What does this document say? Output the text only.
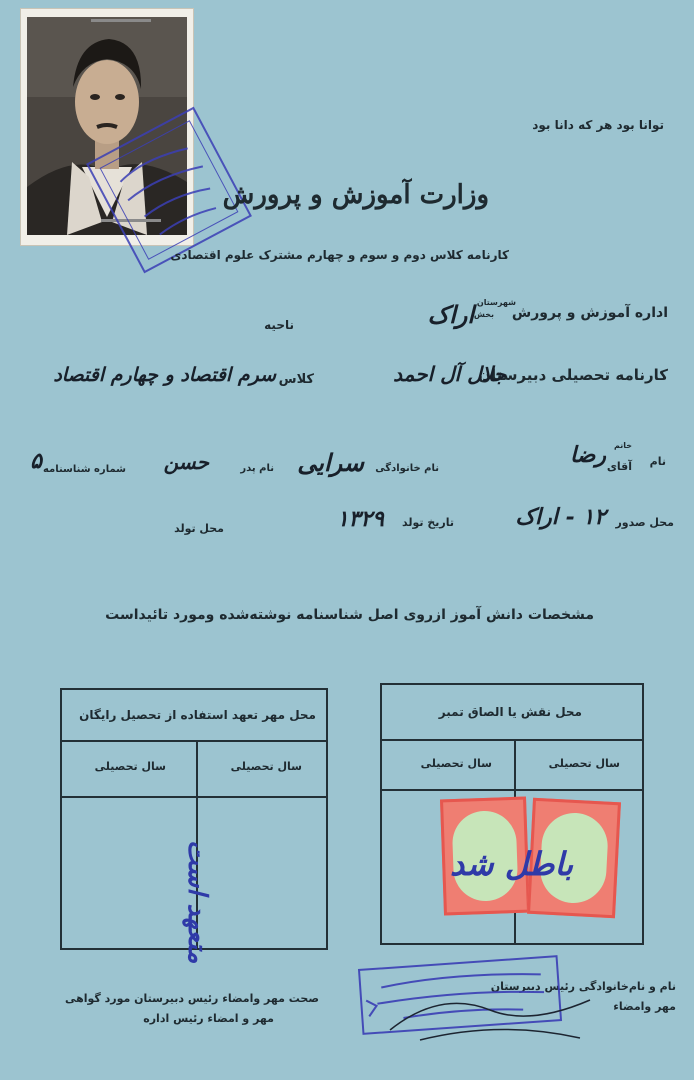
توانا بود هر که دانا بود
وزارت آموزش و پرورش
کارنامه کلاس دوم و سوم و چهارم مشترک علوم اقتصادی
اداره آموزش و پرورش
شهرستان
بخش
اراک
ناحیه
کارنامه تحصیلی دبیرستان
جلال آل احمد
کلاس
سرم اقتصاد و چهارم اقتصاد
نام
خانم
آقای
رضا
نام خانوادگی
سرایی
نام پدر
حسن
شماره شناسنامه
۵
محل صدور
۱۲ - اراک
تاریخ تولد
۱۳۲۹
محل تولد
مشخصات دانش آموز ازروی اصل شناسنامه نوشته‌شده ومورد تائیداست
محل نقش یا الصاق تمبر
سال تحصیلی
سال تحصیلی
باطل شد
محل مهر تعهد استفاده از تحصیل رایگان
سال تحصیلی
سال تحصیلی
متعهد است
نام و نام‌خانوادگی رئیس دبیرستان
مهر وامضاء
صحت مهر وامضاء رئیس دبیرستان مورد گواهی
مهر و امضاء رئیس اداره
